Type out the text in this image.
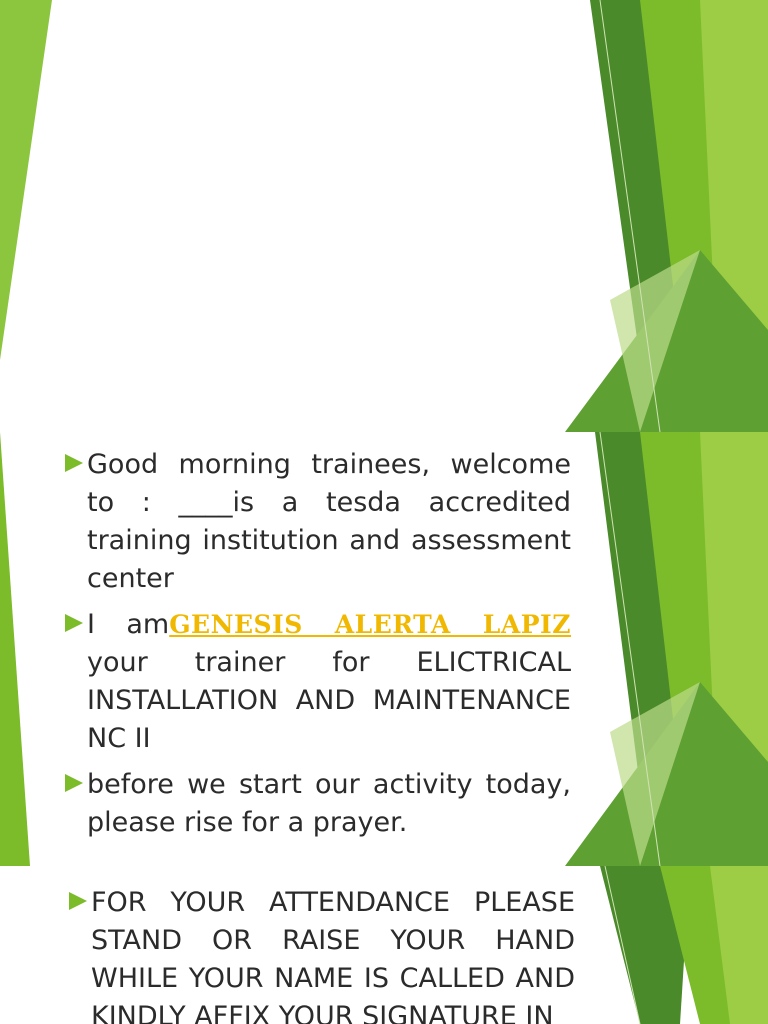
Good morning trainees, welcome to : ____is a tesda accredited training institution and assessment center
I amGENESIS ALERTA LAPIZ your trainer for ELICTRICAL INSTALLATION AND MAINTENANCE NC II
before we start our activity today, please rise for a prayer.
FOR YOUR ATTENDANCE PLEASE STAND OR RAISE YOUR HAND WHILE YOUR NAME IS CALLED AND KINDLY AFFIX YOUR SIGNATURE IN
